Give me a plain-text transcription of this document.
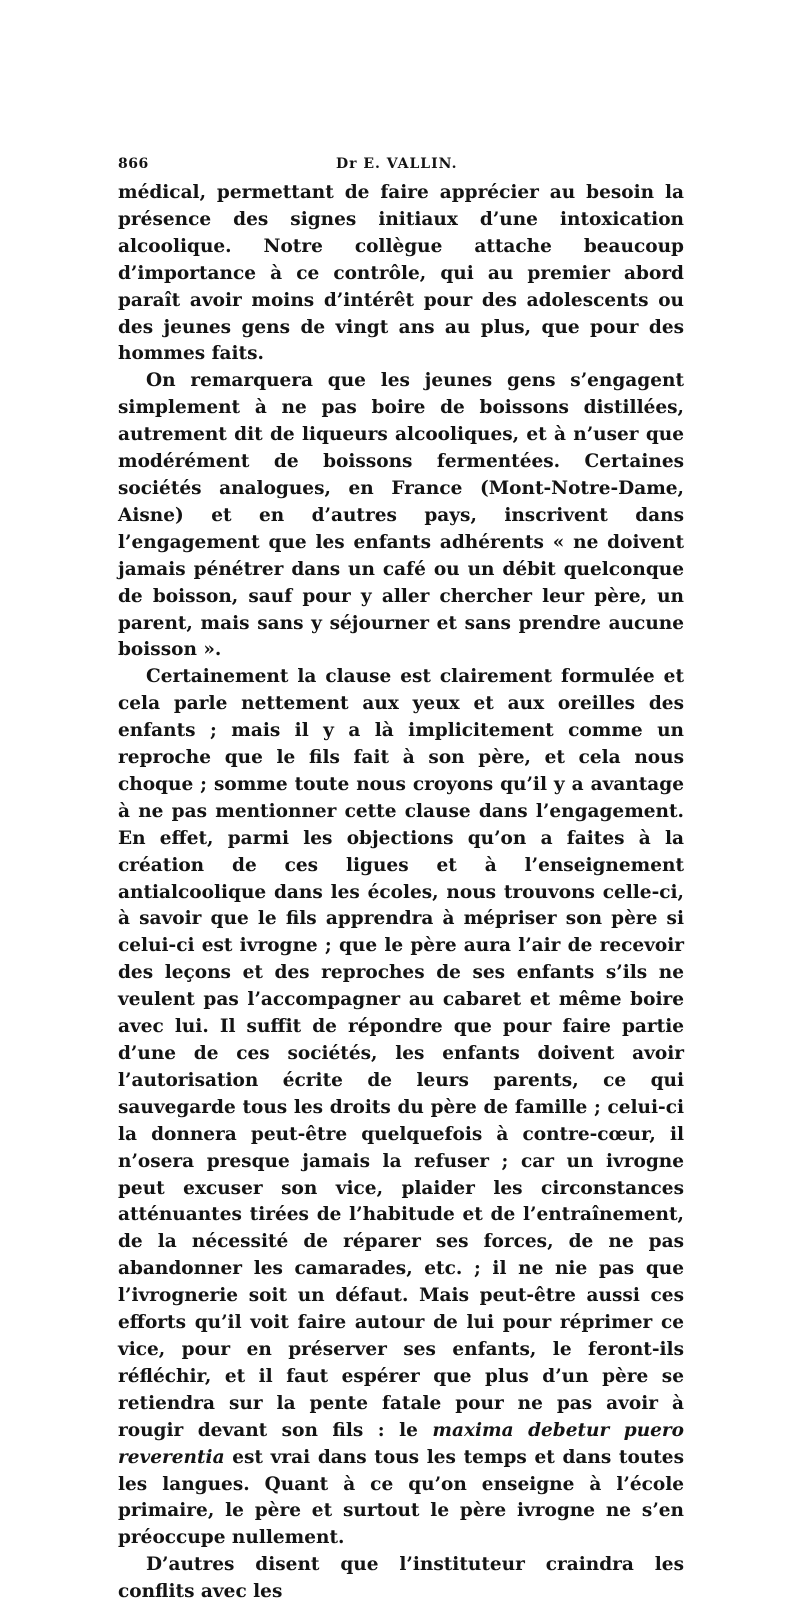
866	Dr E. VALLIN.

médical, permettant de faire apprécier au besoin la présence des signes initiaux d’une intoxication alcoolique. Notre collègue attache beaucoup d’importance à ce contrôle, qui au premier abord paraît avoir moins d’intérêt pour des adolescents ou des jeunes gens de vingt ans au plus, que pour des hommes faits.

On remarquera que les jeunes gens s’engagent simplement à ne pas boire de boissons distillées, autrement dit de liqueurs alcooliques, et à n’user que modérément de boissons fermentées. Certaines sociétés analogues, en France (Mont-Notre-Dame, Aisne) et en d’autres pays, inscrivent dans l’engagement que les enfants adhérents « ne doivent jamais pénétrer dans un café ou un débit quelconque de boisson, sauf pour y aller chercher leur père, un parent, mais sans y séjourner et sans prendre aucune boisson ».

Certainement la clause est clairement formulée et cela parle nettement aux yeux et aux oreilles des enfants ; mais il y a là implicitement comme un reproche que le fils fait à son père, et cela nous choque ; somme toute nous croyons qu’il y a avantage à ne pas mentionner cette clause dans l’engagement. En effet, parmi les objections qu’on a faites à la création de ces ligues et à l’enseignement antialcoolique dans les écoles, nous trouvons celle-ci, à savoir que le fils apprendra à mépriser son père si celui-ci est ivrogne ; que le père aura l’air de recevoir des leçons et des reproches de ses enfants s’ils ne veulent pas l’accompagner au cabaret et même boire avec lui. Il suffit de répondre que pour faire partie d’une de ces sociétés, les enfants doivent avoir l’autorisation écrite de leurs parents, ce qui sauvegarde tous les droits du père de famille ; celui-ci la donnera peut-être quelquefois à contre-cœur, il n’osera presque jamais la refuser ; car un ivrogne peut excuser son vice, plaider les circonstances atténuantes tirées de l’habitude et de l’entraînement, de la nécessité de réparer ses forces, de ne pas abandonner les camarades, etc. ; il ne nie pas que l’ivrognerie soit un défaut. Mais peut-être aussi ces efforts qu’il voit faire autour de lui pour réprimer ce vice, pour en préserver ses enfants, le feront-ils réfléchir, et il faut espérer que plus d’un père se retiendra sur la pente fatale pour ne pas avoir à rougir devant son fils : le maxima debetur puero reverentia est vrai dans tous les temps et dans toutes les langues. Quant à ce qu’on enseigne à l’école primaire, le père et surtout le père ivrogne ne s’en préoccupe nullement.

D’autres disent que l’instituteur craindra les conflits avec les
